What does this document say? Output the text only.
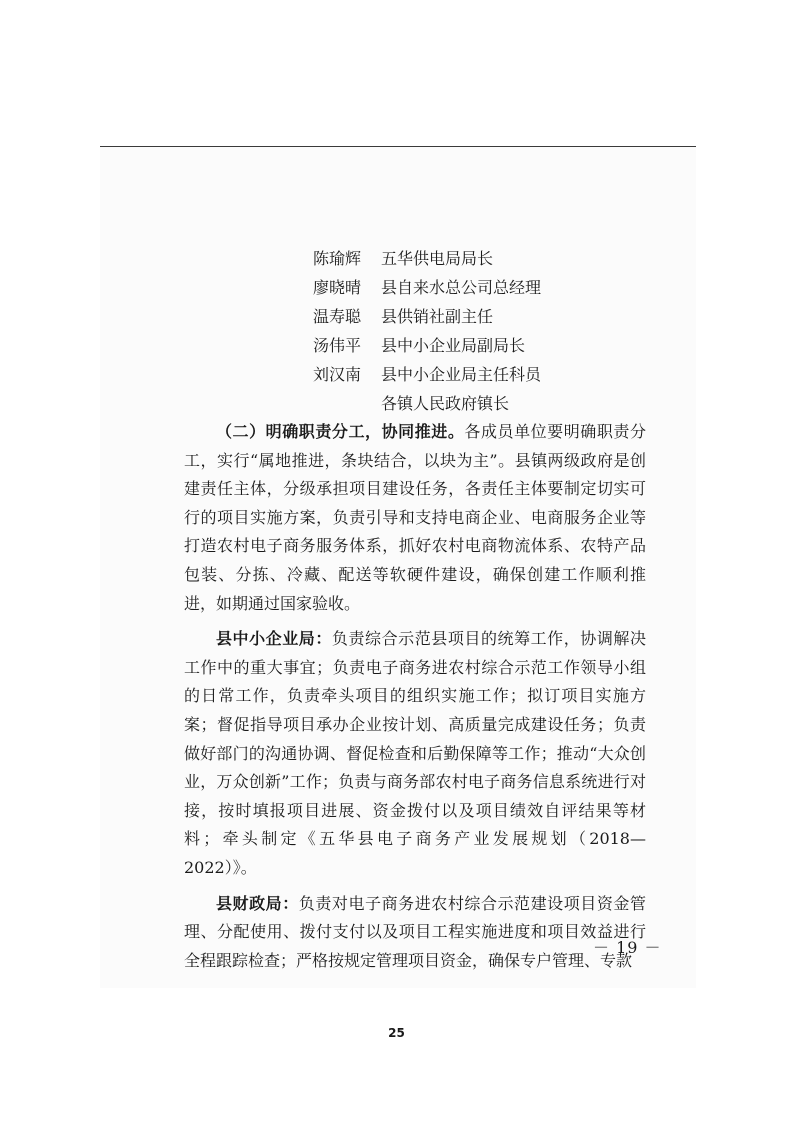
陈瑜辉 五华供电局局长
廖晓晴 县自来水总公司总经理
温寿聪 县供销社副主任
汤伟平 县中小企业局副局长
刘汉南 县中小企业局主任科员
各镇人民政府镇长

（二）明确职责分工，协同推进。各成员单位要明确职责分工，实行“属地推进，条块结合，以块为主”。县镇两级政府是创建责任主体，分级承担项目建设任务，各责任主体要制定切实可行的项目实施方案，负责引导和支持电商企业、电商服务企业等打造农村电子商务服务体系，抓好农村电商物流体系、农特产品包装、分拣、冷藏、配送等软硬件建设，确保创建工作顺利推进，如期通过国家验收。

县中小企业局：负责综合示范县项目的统筹工作，协调解决工作中的重大事宜；负责电子商务进农村综合示范工作领导小组的日常工作，负责牵头项目的组织实施工作；拟订项目实施方案；督促指导项目承办企业按计划、高质量完成建设任务；负责做好部门的沟通协调、督促检查和后勤保障等工作；推动“大众创业，万众创新”工作；负责与商务部农村电子商务信息系统进行对接，按时填报项目进展、资金拨付以及项目绩效自评结果等材料；牵头制定《五华县电子商务产业发展规划（2018—2022）》。

县财政局：负责对电子商务进农村综合示范建设项目资金管理、分配使用、拨付支付以及项目工程实施进度和项目效益进行全程跟踪检查；严格按规定管理项目资金，确保专户管理、专款

－ 19 －
25
